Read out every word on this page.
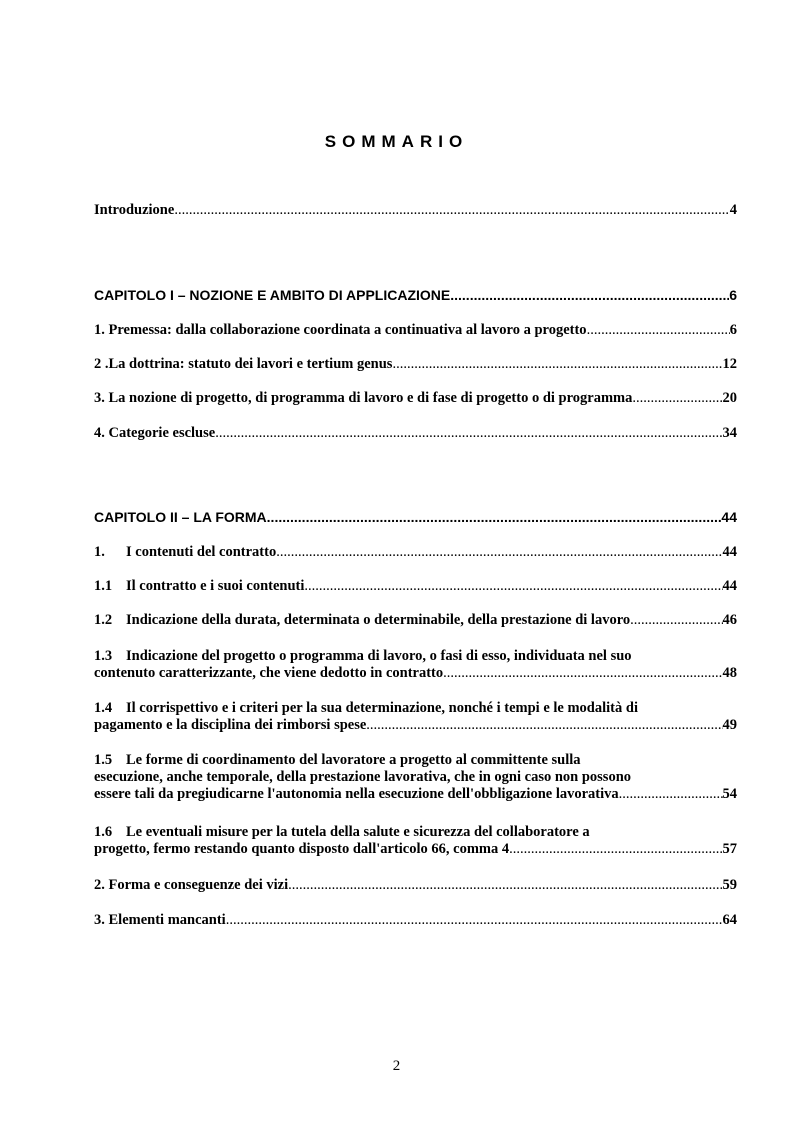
SOMMARIO
Introduzione .....	4
CAPITOLO I – NOZIONE E AMBITO DI APPLICAZIONE .....	6
1. Premessa: dalla collaborazione coordinata a continuativa al lavoro a progetto .....	6
2 .La dottrina: statuto dei lavori e tertium genus .....	12
3. La nozione di progetto, di programma di lavoro e di fase di progetto o di programma .....	20
4. Categorie escluse .....	34
CAPITOLO II – LA FORMA .....	44
1.	I contenuti del contratto .....	44
1.1 Il contratto e i suoi contenuti .....	44
1.2 Indicazione della durata, determinata o determinabile, della prestazione di lavoro .....	46
1.3 Indicazione del progetto o programma di lavoro, o fasi di esso, individuata nel suo
contenuto caratterizzante, che viene dedotto in contratto .....	48
1.4 Il corrispettivo e i criteri per la sua determinazione, nonché i tempi e le modalità di
pagamento e la disciplina dei rimborsi spese .....	49
1.5 Le forme di coordinamento del lavoratore a progetto al committente sulla
esecuzione, anche temporale, della prestazione lavorativa, che in ogni caso non possono
essere tali da pregiudicarne l'autonomia nella esecuzione dell'obbligazione lavorativa .....	54
1.6 Le eventuali misure per la tutela della salute e sicurezza del collaboratore a
progetto, fermo restando quanto disposto dall'articolo 66, comma 4 .....	57
2. Forma e conseguenze dei vizi .....	59
3. Elementi mancanti .....	64
2
